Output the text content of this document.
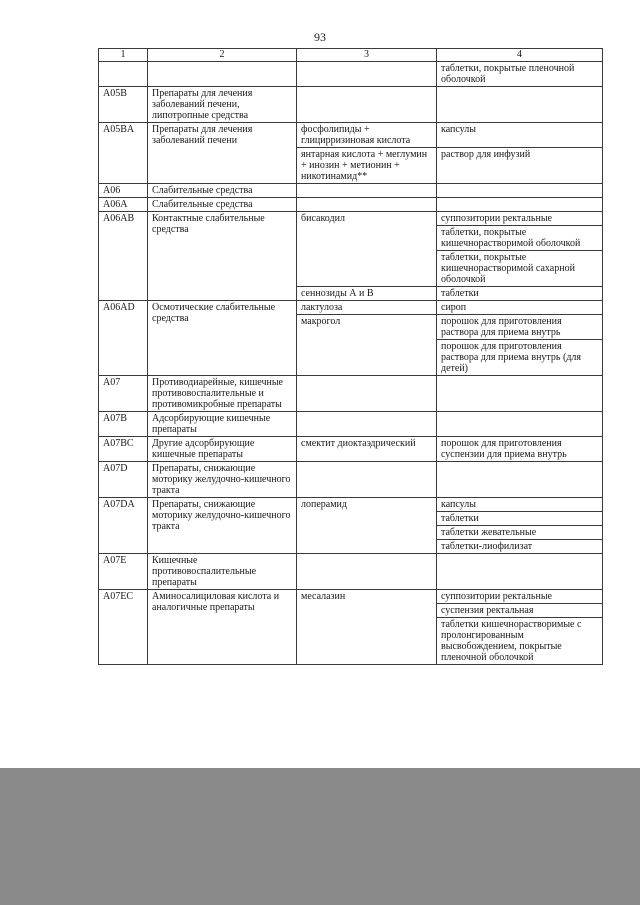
93
1	2	3	4
			таблетки, покрытые пленочной оболочкой
A05B	Препараты для лечения заболеваний печени, липотропные средства		
A05BA	Препараты для лечения заболеваний печени	фосфолипиды + глицирризиновая кислота	капсулы
		янтарная кислота + меглумин + инозин + метионин + никотинамид**	раствор для инфузий
A06	Слабительные средства		
A06A	Слабительные средства		
A06AB	Контактные слабительные средства	бисакодил	суппозитории ректальные
			таблетки, покрытые кишечнорастворимой оболочкой
			таблетки, покрытые кишечнорастворимой сахарной оболочкой
		сеннозиды А и В	таблетки
A06AD	Осмотические слабительные средства	лактулоза	сироп
		макрогол	порошок для приготовления раствора для приема внутрь
			порошок для приготовления раствора для приема внутрь (для детей)
A07	Противодиарейные, кишечные противовоспалительные и противомикробные препараты		
A07B	Адсорбирующие кишечные препараты		
A07BC	Другие адсорбирующие кишечные препараты	смектит диоктаэдрический	порошок для приготовления суспензии для приема внутрь
A07D	Препараты, снижающие моторику желудочно-кишечного тракта		
A07DA	Препараты, снижающие моторику желудочно-кишечного тракта	лоперамид	капсулы
			таблетки
			таблетки жевательные
			таблетки-лиофилизат
A07E	Кишечные противовоспалительные препараты		
A07EC	Аминосалициловая кислота и аналогичные препараты	месалазин	суппозитории ректальные
			суспензия ректальная
			таблетки кишечнорастворимые с пролонгированным высвобождением, покрытые пленочной оболочкой
